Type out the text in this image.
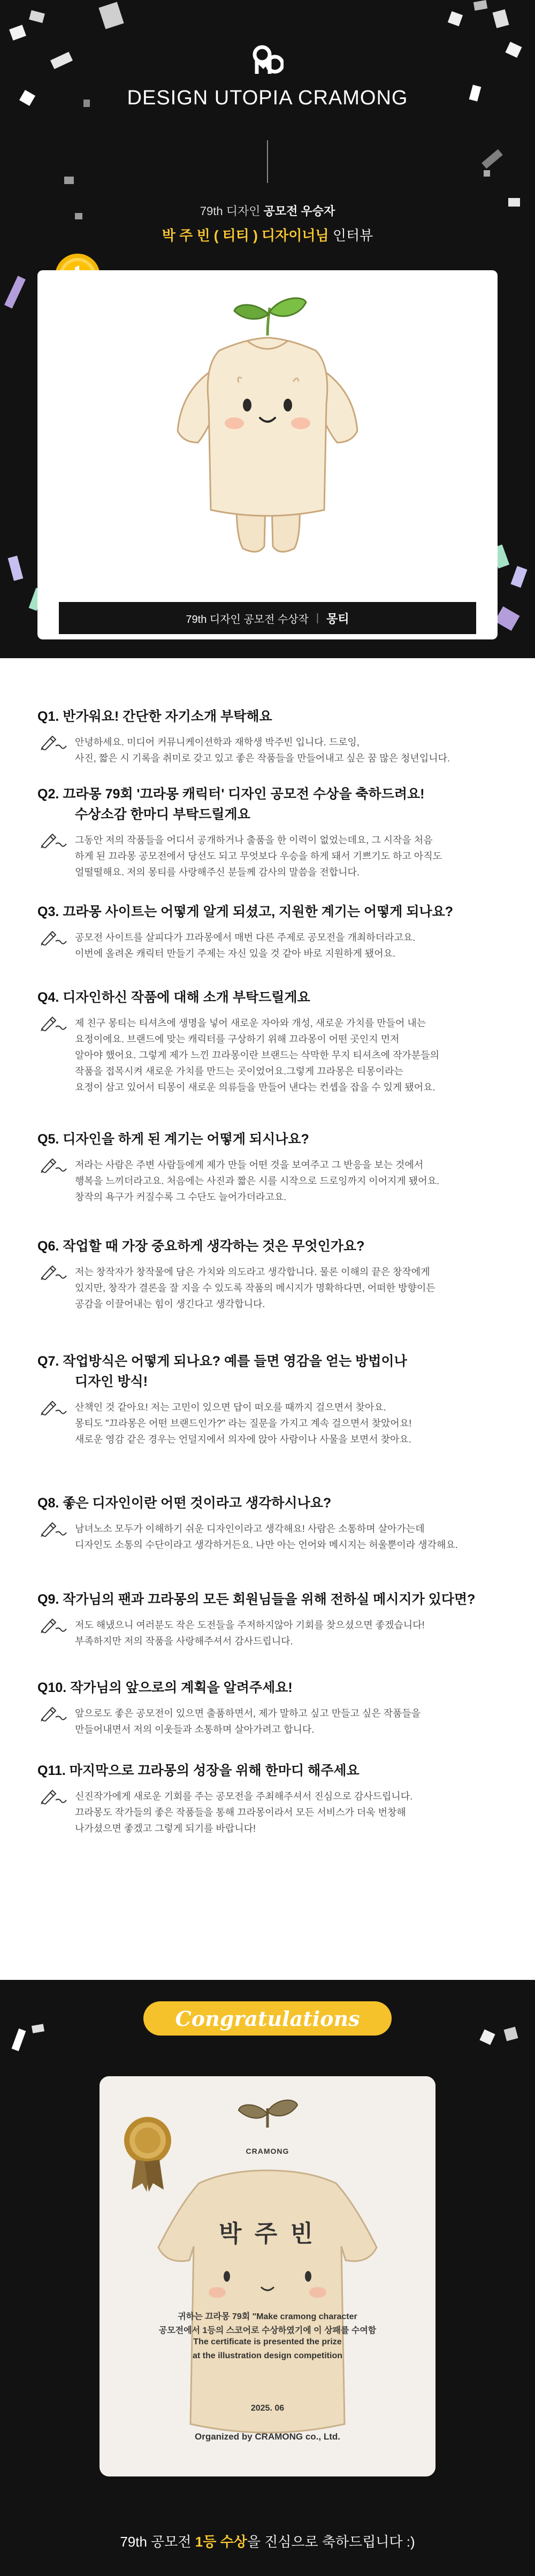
DESIGN UTOPIA CRAMONG
79th 디자인 공모전 우승자
박 주 빈 ( 티티 ) 디자이너님 인터뷰
79th 디자인 공모전 수상작 | 몽티
Q1. 반가워요! 간단한 자기소개 부탁해요
안녕하세요. 미디어 커뮤니케이션학과 재학생 박주빈 입니다. 드로잉,
사진, 짧은 시 기록을 취미로 갖고 있고 좋은 작품들을 만들어내고 싶은 꿈 많은 청년입니다.
Q2. 끄라몽 79회 '끄라몽 캐릭터' 디자인 공모전 수상을 축하드려요!
수상소감 한마디 부탁드릴게요
그동안 저의 작품들을 어디서 공개하거나 출품을 한 이력이 없었는데요, 그 시작을 처음
하게 된 끄라몽 공모전에서 당선도 되고 무엇보다 우승을 하게 돼서 기쁘기도 하고 아직도
얼떨떨해요. 저의 몽티를 사랑해주신 분들께 감사의 말씀을 전합니다.
Q3. 끄라몽 사이트는 어떻게 알게 되셨고, 지원한 계기는 어떻게 되나요?
공모전 사이트를 살피다가 끄라몽에서 매번 다른 주제로 공모전을 개최하더라고요.
이번에 올려온 캐릭터 만들기 주제는 자신 있을 것 같아 바로 지원하게 됐어요.
Q4. 디자인하신 작품에 대해 소개 부탁드릴게요
제 친구 몽티는 티셔츠에 생명을 넣어 새로운 자아와 개성, 새로운 가치를 만들어 내는
요정이에요. 브랜드에 맞는 캐릭터를 구상하기 위해 끄라몽이 어떤 곳인지 먼저
알아야 했어요. 그렇게 제가 느낀 끄라몽이란 브랜드는 삭막한 무지 티셔츠에 작가분들의
작품을 접목시켜 새로운 가치를 만드는 곳이었어요.그렇게 끄라몽은 티몽이라는
요정이 삼고 있어서 티몽이 새로운 의류들을 만들어 낸다는 컨셉을 잡을 수 있게 됐어요.
Q5. 디자인을 하게 된 계기는 어떻게 되시나요?
저라는 사람은 주변 사람들에게 제가 만들 어떤 것을 보여주고 그 반응을 보는 것에서
행복을 느끼더라고요. 처음에는 사진과 짧은 시를 시작으로 드로잉까지 이어지게 됐어요.
창작의 욕구가 커질수록 그 수단도 늘어가더라고요.
Q6. 작업할 때 가장 중요하게 생각하는 것은 무엇인가요?
저는 창작자가 창작물에 담은 가치와 의도라고 생각합니다. 물론 이해의 끝은 창작에게
있지만, 창작가 결론을 잘 지을 수 있도록 작품의 메시지가 명확하다면, 어떠한 방향이든
공감을 이끌어내는 힘이 생긴다고 생각합니다.
Q7. 작업방식은 어떻게 되나요? 예를 들면 영감을 얻는 방법이나
디자인 방식!
산책인 것 같아요! 저는 고민이 있으면 답이 떠오를 때까지 걸으면서 찾아요.
몽티도 "끄라몽은 어떤 브랜드인가?" 라는 질문을 가지고 계속 걸으면서 찾았어요!
새로운 영감 같은 경우는 언덜지에서 의자에 앉아 사람이나 사물을 보면서 찾아요.
Q8. 좋은 디자인이란 어떤 것이라고 생각하시나요?
남녀노소 모두가 이해하기 쉬운 디자인이라고 생각해요! 사람은 소통하며 살아가는데
디자인도 소통의 수단이라고 생각하거든요. 나만 아는 언어와 메시지는 허울뿐이라 생각해요.
Q9. 작가님의 팬과 끄라몽의 모든 회원님들을 위해 전하실 메시지가 있다면?
저도 해냈으니 여러분도 작은 도전들을 주저하지않아 기회를 찾으셨으면 좋겠습니다!
부족하지만 저의 작품을 사랑해주셔서 감사드립니다.
Q10. 작가님의 앞으로의 계획을 알려주세요!
앞으로도 좋은 공모전이 있으면 출품하면서, 제가 말하고 싶고 만들고 싶은 작품들을
만들어내면서 저의 이웃들과 소통하며 살아가려고 합니다.
Q11. 마지막으로 끄라몽의 성장을 위해 한마디 해주세요
신진작가에게 새로운 기회를 주는 공모전을 주최해주셔서 진심으로 감사드립니다.
끄라몽도 작가들의 좋은 작품들을 통해 끄라몽이라서 모든 서비스가 더욱 번창해
나가셨으면 좋겠고 그렇게 되기를 바랍니다!
Congratulations
CRAMONG
박 주 빈
귀하는 끄라몽 79회 "Make cramong character
공모전에서 1등의 스코어로 수상하였기에 이 상패를 수여함
The certificate is presented the prize
at the illustration design competition
2025. 06
Organized by CRAMONG co., Ltd.
79th 공모전 1등 수상을 진심으로 축하드립니다 :)
